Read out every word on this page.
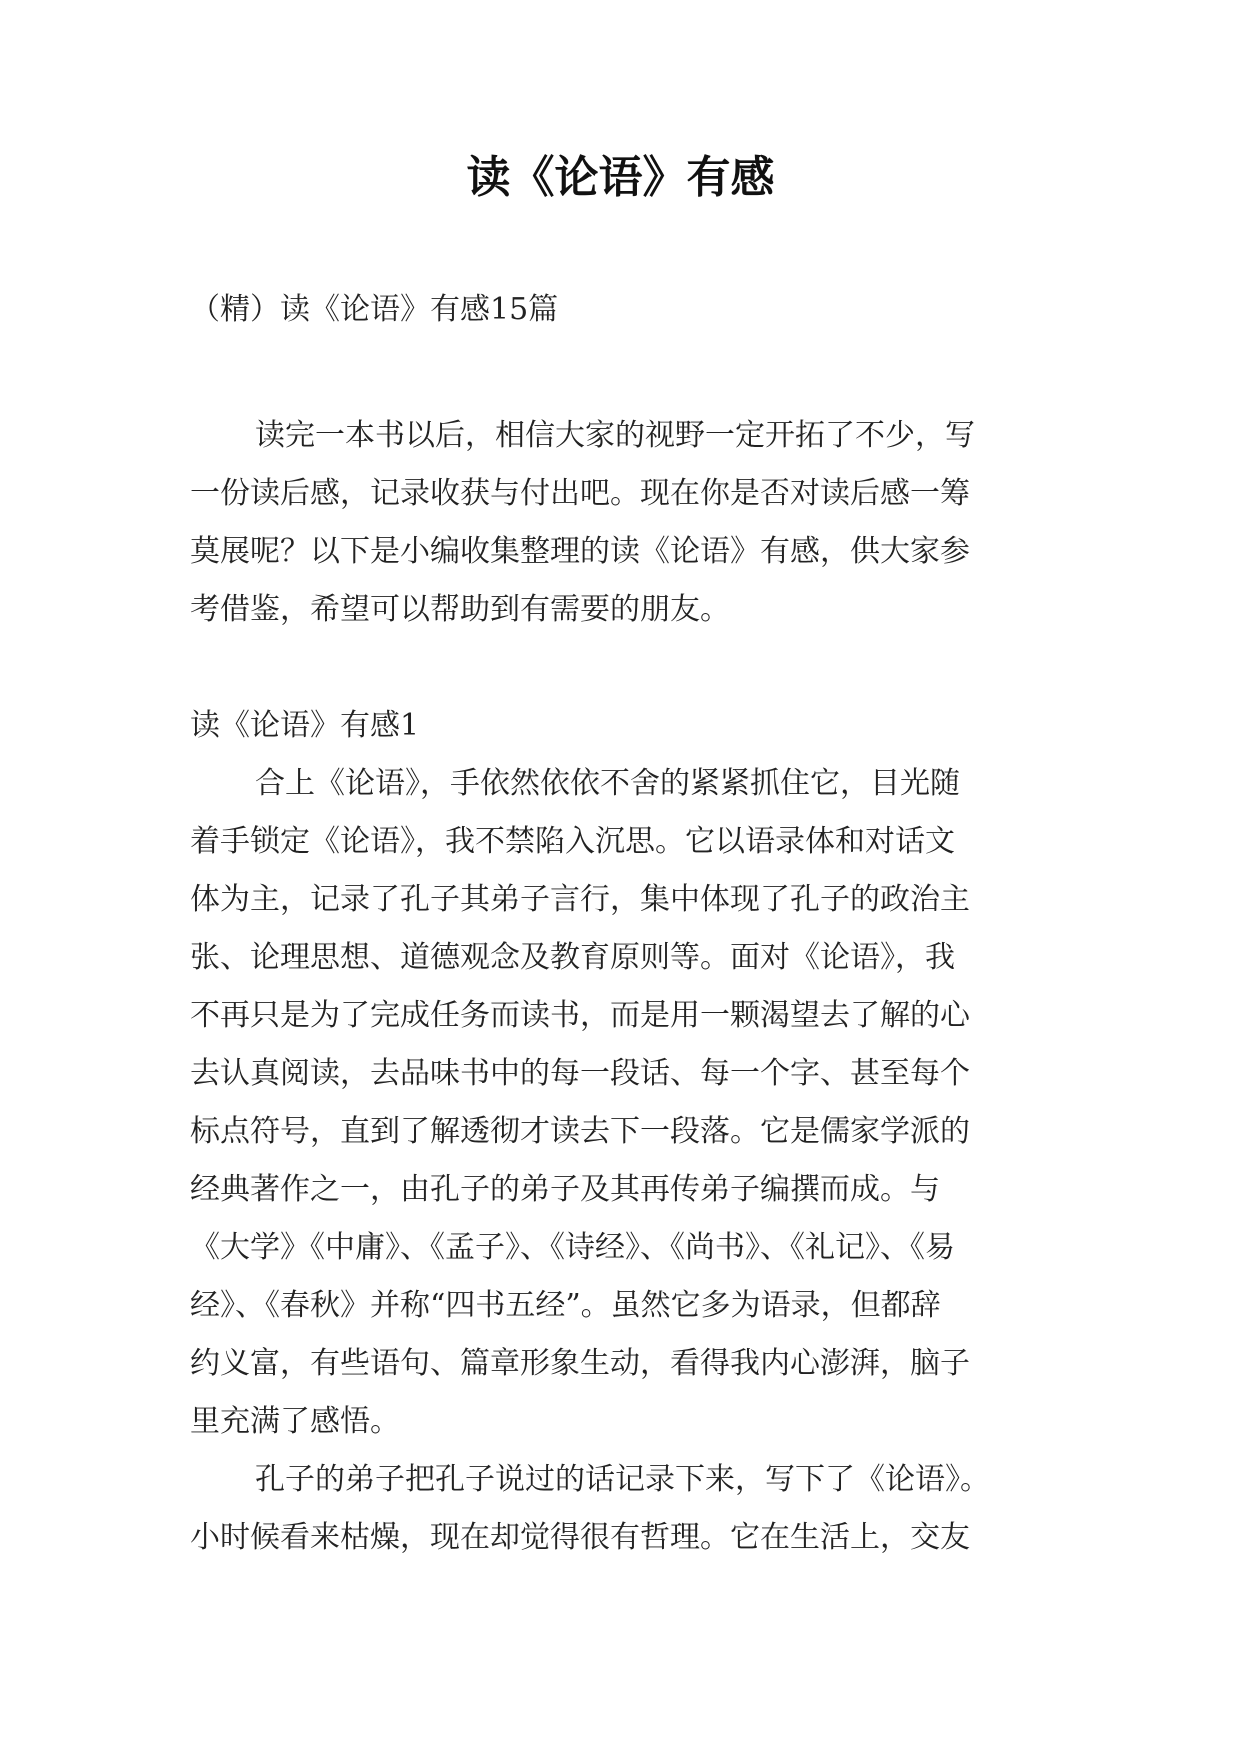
读《论语》有感
（精）读《论语》有感15篇
读完一本书以后，相信大家的视野一定开拓了不少，写
一份读后感，记录收获与付出吧。现在你是否对读后感一筹
莫展呢？以下是小编收集整理的读《论语》有感，供大家参
考借鉴，希望可以帮助到有需要的朋友。
读《论语》有感1
合上《论语》，手依然依依不舍的紧紧抓住它，目光随
着手锁定《论语》，我不禁陷入沉思。它以语录体和对话文
体为主，记录了孔子其弟子言行，集中体现了孔子的政治主
张、论理思想、道德观念及教育原则等。面对《论语》，我
不再只是为了完成任务而读书，而是用一颗渴望去了解的心
去认真阅读，去品味书中的每一段话、每一个字、甚至每个
标点符号，直到了解透彻才读去下一段落。它是儒家学派的
经典著作之一，由孔子的弟子及其再传弟子编撰而成。与
《大学》《中庸》、《孟子》、《诗经》、《尚书》、《礼记》、《易
经》、《春秋》并称“四书五经”。虽然它多为语录，但都辞
约义富，有些语句、篇章形象生动，看得我内心澎湃，脑子
里充满了感悟。
孔子的弟子把孔子说过的话记录下来，写下了《论语》。
小时候看来枯燥，现在却觉得很有哲理。它在生活上，交友
